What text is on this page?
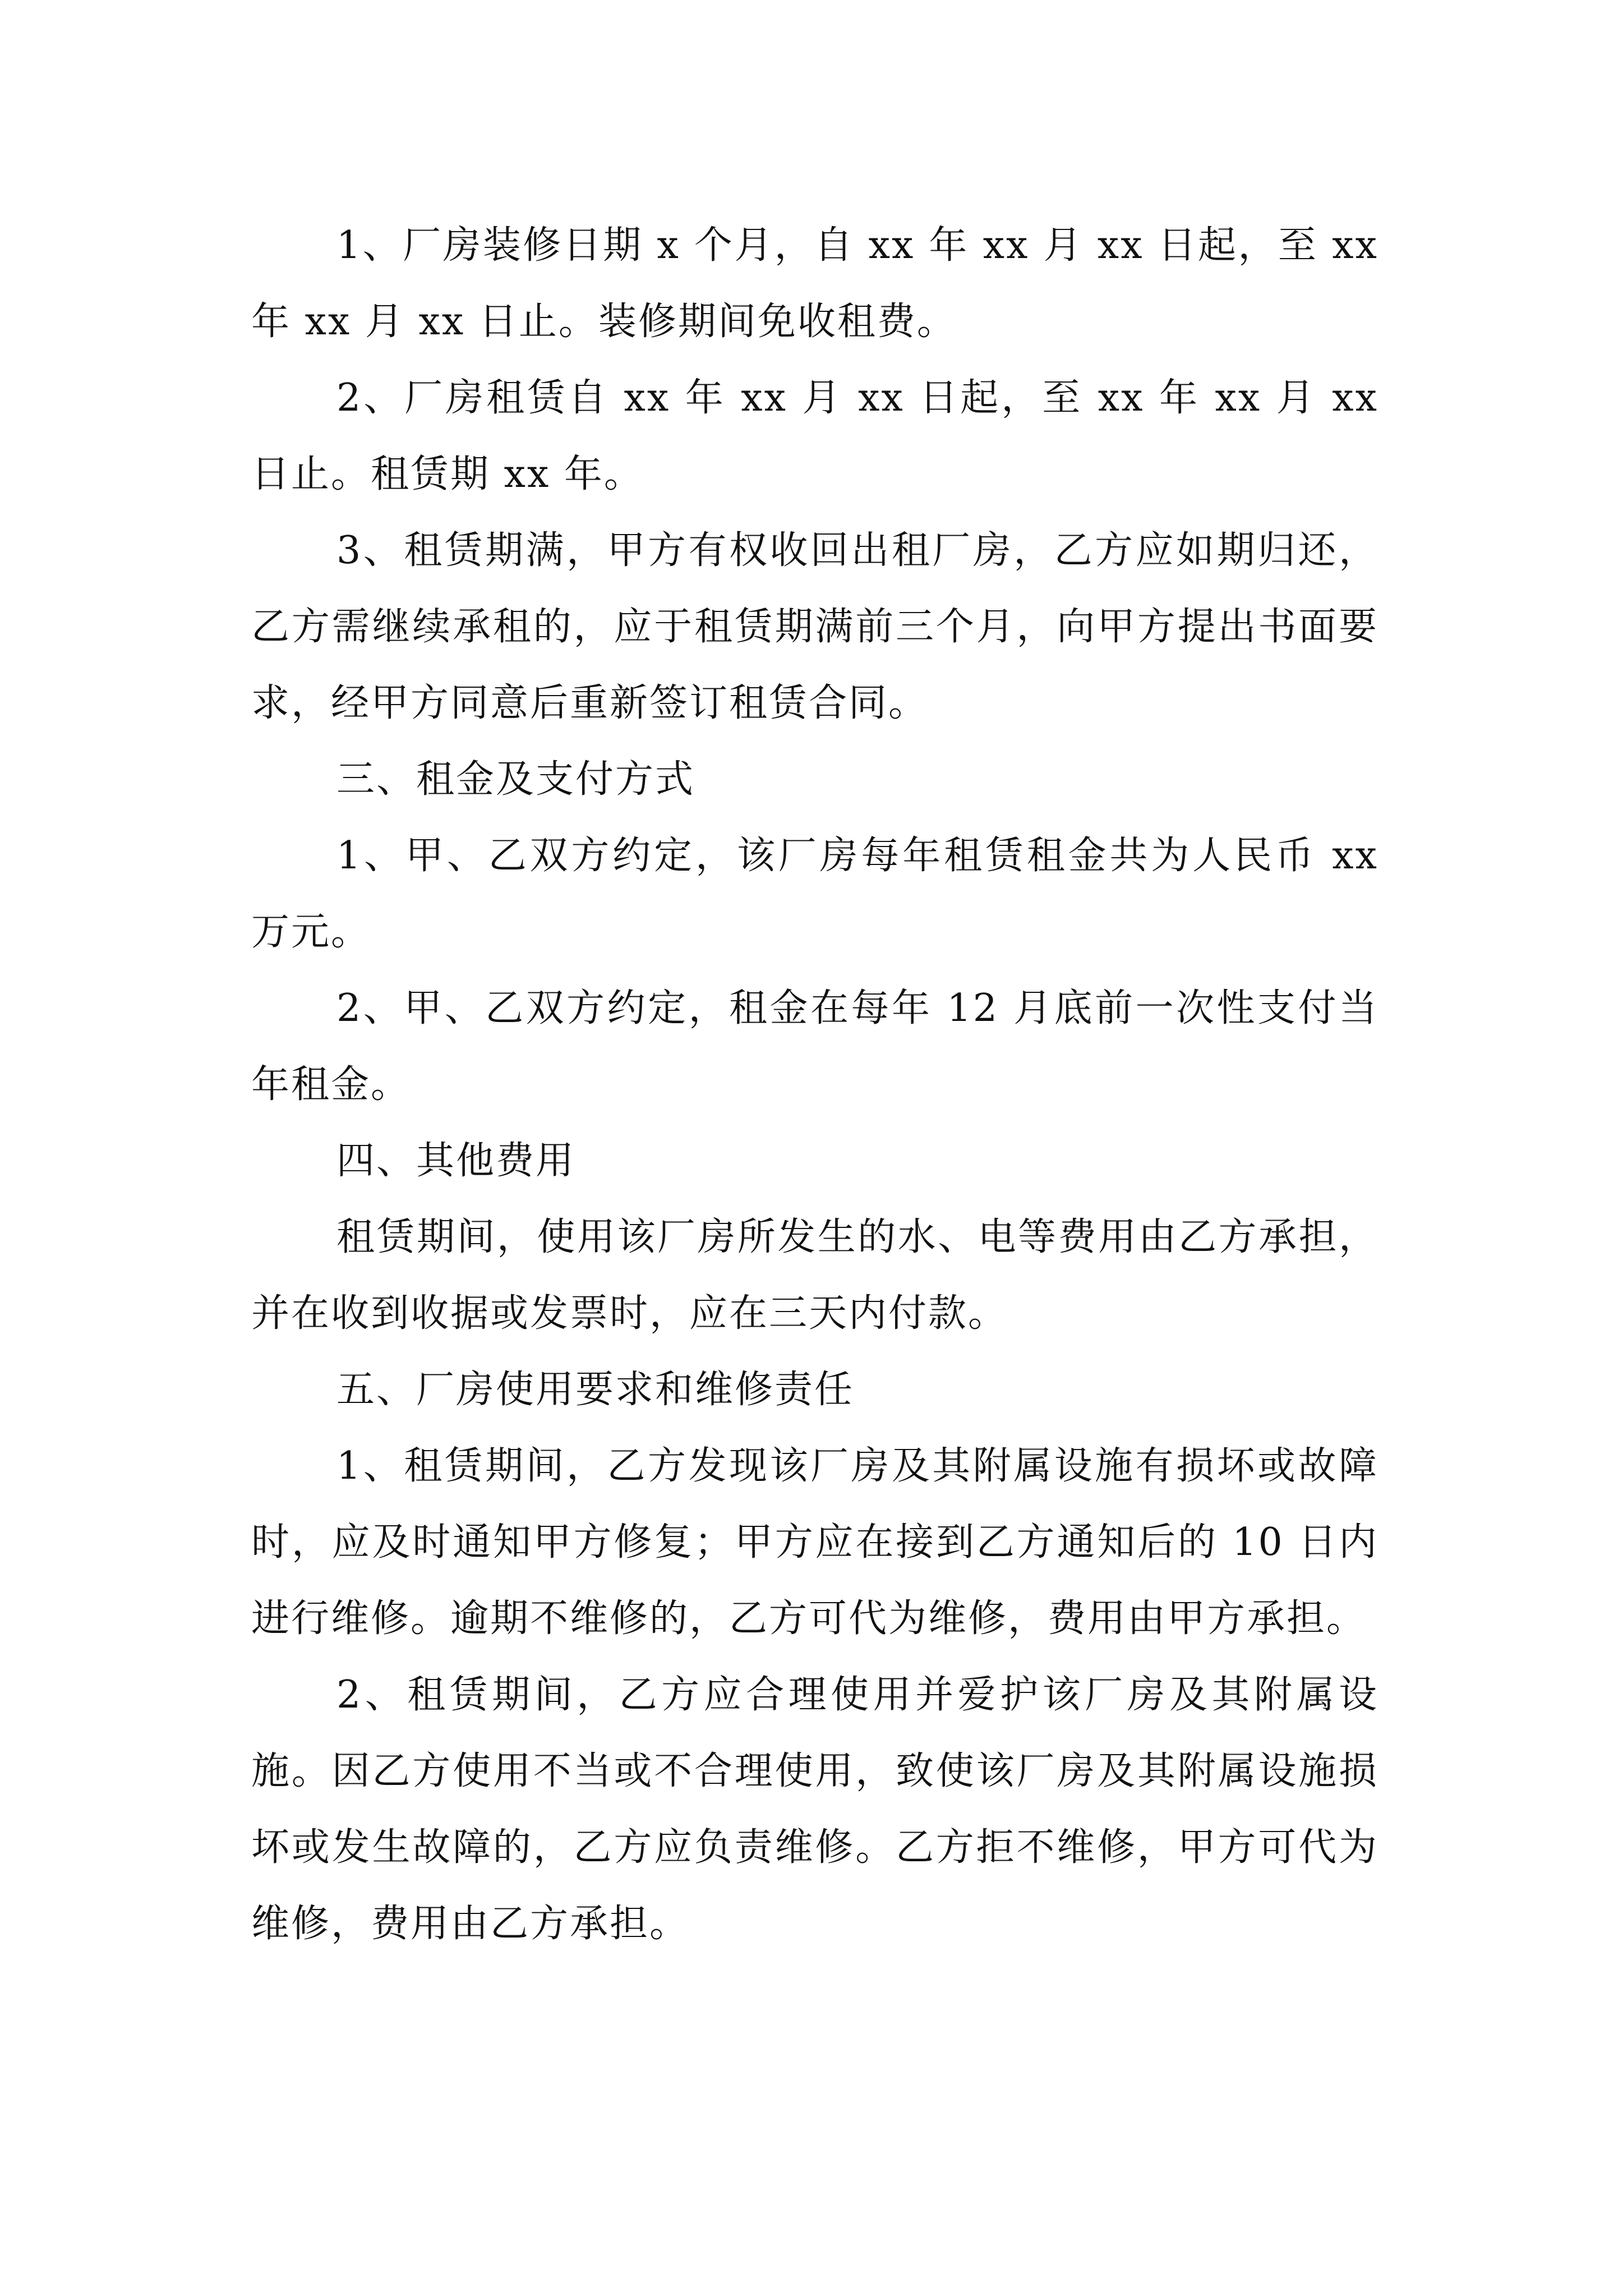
1、厂房装修日期 x 个月，自 xx 年 xx 月 xx 日起，至 xx 年 xx 月 xx 日止。装修期间免收租费。

2、厂房租赁自 xx 年 xx 月 xx 日起，至 xx 年 xx 月 xx 日止。租赁期 xx 年。

3、租赁期满，甲方有权收回出租厂房，乙方应如期归还，乙方需继续承租的，应于租赁期满前三个月，向甲方提出书面要求，经甲方同意后重新签订租赁合同。

三、租金及支付方式

1、甲、乙双方约定，该厂房每年租赁租金共为人民币 xx 万元。

2、甲、乙双方约定，租金在每年 12 月底前一次性支付当年租金。

四、其他费用

租赁期间，使用该厂房所发生的水、电等费用由乙方承担，并在收到收据或发票时，应在三天内付款。

五、厂房使用要求和维修责任

1、租赁期间，乙方发现该厂房及其附属设施有损坏或故障时，应及时通知甲方修复；甲方应在接到乙方通知后的 10 日内进行维修。逾期不维修的，乙方可代为维修，费用由甲方承担。

2、租赁期间，乙方应合理使用并爱护该厂房及其附属设施。因乙方使用不当或不合理使用，致使该厂房及其附属设施损坏或发生故障的，乙方应负责维修。乙方拒不维修，甲方可代为维修，费用由乙方承担。
